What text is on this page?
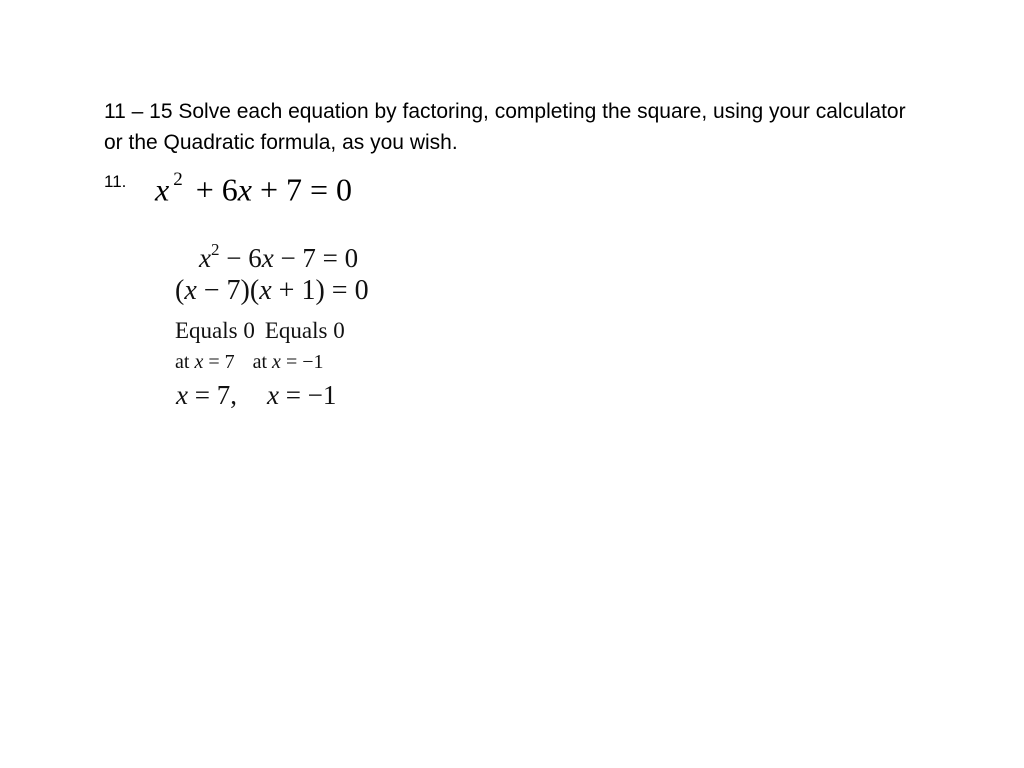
11 – 15 Solve each equation by factoring, completing the square, using your calculator or the Quadratic formula, as you wish.
11. x $^2$ + 6x + 7 = 0
$x^2 - 6x - 7 = 0$
(x − 7)(x + 1) = 0
Equals 0 Equals 0
at x = 7 at x = −1
x = 7, x = −1
